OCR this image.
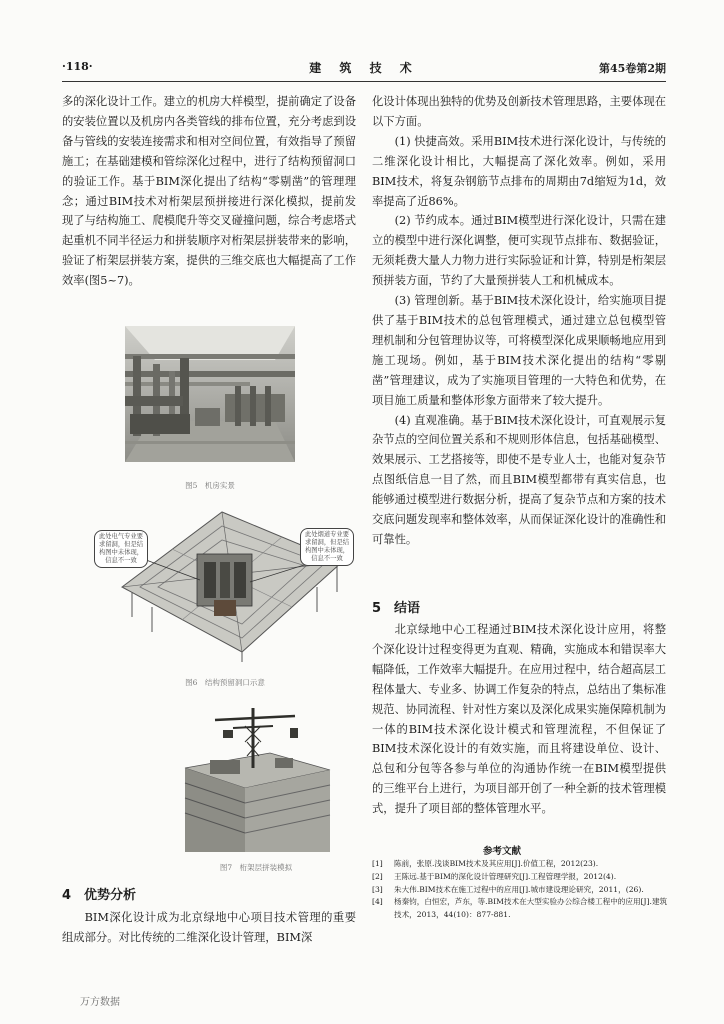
·118·	建 筑 技 术	第45卷第2期

多的深化设计工作。建立的机房大样模型，提前确定了设备的安装位置以及机房内各类管线的排布位置，充分考虑到设备与管线的安装连接需求和相对空间位置，有效指导了预留施工；在基础建模和管综深化过程中，进行了结构预留洞口的验证工作。基于BIM深化提出了结构“零剔凿”的管理理念；通过BIM技术对桁架层预拼接进行深化模拟，提前发现了与结构施工、爬模爬升等交叉碰撞问题，综合考虑塔式起重机不同半径运力和拼装顺序对桁架层拼装带来的影响，验证了桁架层拼装方案，提供的三维交底也大幅提高了工作效率(图5~7)。

图5　机房实景
此处电气专业要求留洞，但是结构图中未体现，信息不一致
此处烟道专业要求留洞，但是结构图中未体现，信息不一致
图6　结构预留洞口示意
图7　桁架层拼装模拟
4　优势分析

BIM深化设计成为北京绿地中心项目技术管理的重要组成部分。对比传统的二维深化设计管理，BIM深

化设计体现出独特的优势及创新技术管理思路，主要体现在以下方面。

(1) 快捷高效。采用BIM技术进行深化设计，与传统的二维深化设计相比，大幅提高了深化效率。例如，采用BIM技术，将复杂钢筋节点排布的周期由7d缩短为1d，效率提高了近86%。

(2) 节约成本。通过BIM模型进行深化设计，只需在建立的模型中进行深化调整，便可实现节点排布、数据验证，无须耗费大量人力物力进行实际验证和计算，特别是桁架层预拼装方面，节约了大量预拼装人工和机械成本。

(3) 管理创新。基于BIM技术深化设计，给实施项目提供了基于BIM技术的总包管理模式，通过建立总包模型管理机制和分包管理协议等，可将模型深化成果顺畅地应用到施工现场。例如，基于BIM技术深化提出的结构“零剔凿”管理建议，成为了实施项目管理的一大特色和优势，在项目施工质量和整体形象方面带来了较大提升。

(4) 直观准确。基于BIM技术深化设计，可直观展示复杂节点的空间位置关系和不规则形体信息，包括基础模型、效果展示、工艺搭接等，即使不是专业人士，也能对复杂节点图纸信息一目了然，而且BIM模型都带有真实信息，也能够通过模型进行数据分析，提高了复杂节点和方案的技术交底问题发现率和整体效率，从而保证深化设计的准确性和可靠性。

5　结语

北京绿地中心工程通过BIM技术深化设计应用，将整个深化设计过程变得更为直观、精确，实施成本和错误率大幅降低，工作效率大幅提升。在应用过程中，结合超高层工程体量大、专业多、协调工作复杂的特点，总结出了集标准规范、协同流程、针对性方案以及深化成果实施保障机制为一体的BIM技术深化设计模式和管理流程，不但保证了BIM技术深化设计的有效实施，而且将建设单位、设计、总包和分包等各参与单位的沟通协作统一在BIM模型提供的三维平台上进行，为项目部开创了一种全新的技术管理模式，提升了项目部的整体管理水平。

参考文献
[1]	陈前，张原.浅谈BIM技术及其应用[J].价值工程，2012(23).
[2]	王陈远.基于BIM的深化设计管理研究[J].工程管理学报，2012(4).
[3]	朱大伟.BIM技术在施工过程中的应用[J].城市建设理论研究，2011，(26).
[4]	杨秦钧，白恒宏，芦东，等.BIM技术在大型实验办公综合楼工程中的应用[J].建筑技术，2013，44(10)：877-881.
万方数据
